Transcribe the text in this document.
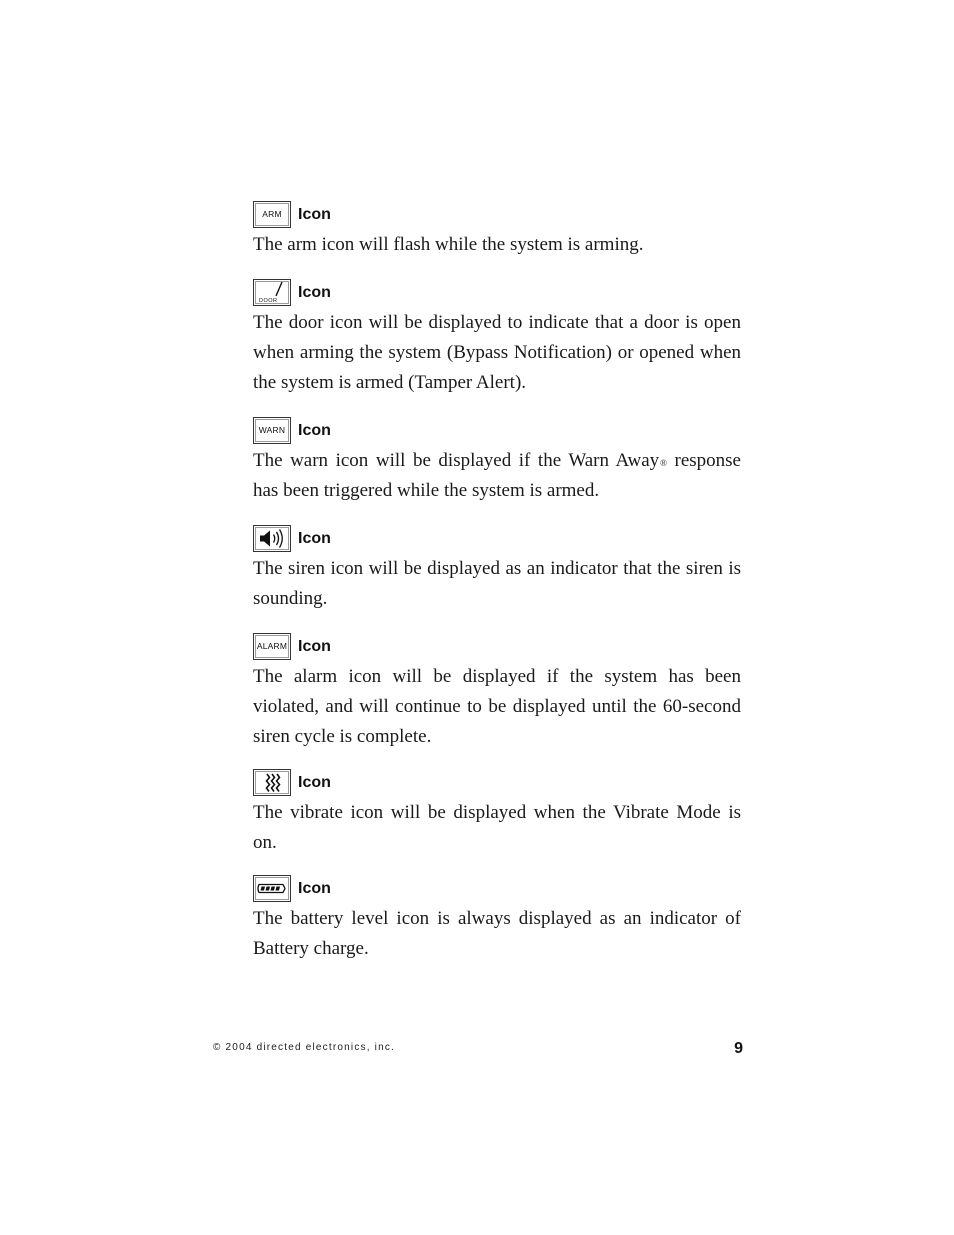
ARM Icon

The arm icon will flash while the system is arming.

DOOR Icon

The door icon will be displayed to indicate that a door is open when arming the system (Bypass Notification) or opened when the system is armed (Tamper Alert).

WARN Icon

The warn icon will be displayed if the Warn Away® response has been triggered while the system is armed.

Icon

The siren icon will be displayed as an indicator that the siren is sounding.

ALARM Icon

The alarm icon will be displayed if the system has been violated, and will continue to be displayed until the 60-second siren cycle is complete.

Icon

The vibrate icon will be displayed when the Vibrate Mode is on.

Icon

The battery level icon is always displayed as an indicator of Battery charge.

© 2004 directed electronics, inc.	9
